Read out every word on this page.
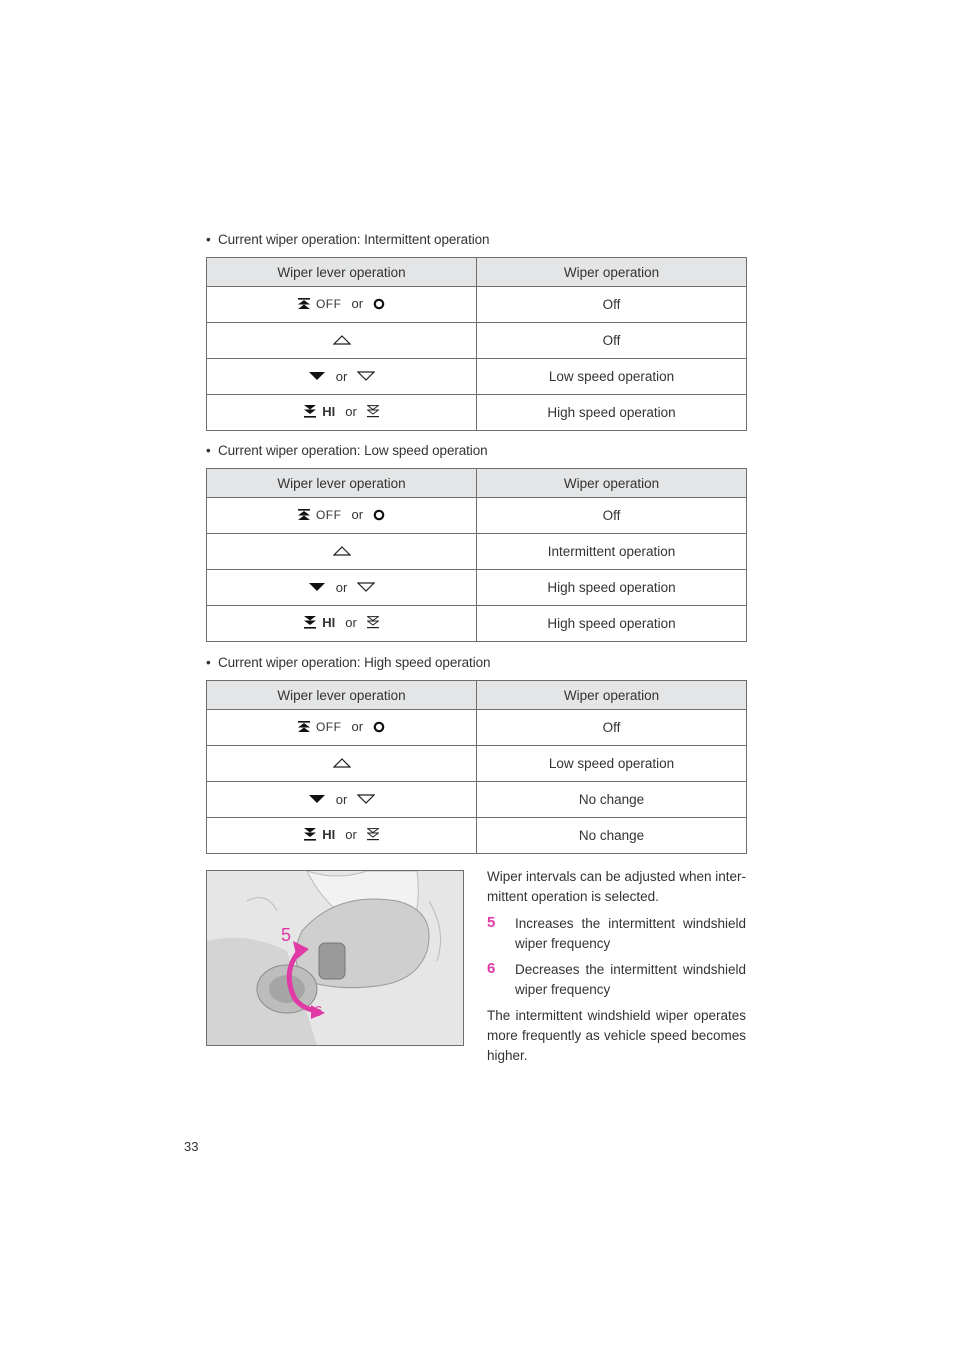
• Current wiper operation: Intermittent operation
Wiper lever operation	Wiper operation

OFF or	Off

	Off

or	Low speed operation

HI or	High speed operation
• Current wiper operation: Low speed operation
Wiper lever operation	Wiper operation

OFF or	Off

	Intermittent operation

or	High speed operation

HI or	High speed operation
• Current wiper operation: High speed operation
Wiper lever operation	Wiper operation

OFF or	Off

	Low speed operation

or	No change

HI or	No change
5
6

Wiper intervals can be adjusted when inter-mittent operation is selected.

5 Increases the intermittent windshield wiper frequency
6 Decreases the intermittent windshield wiper frequency

The intermittent windshield wiper operates more frequently as vehicle speed becomes higher.

33
